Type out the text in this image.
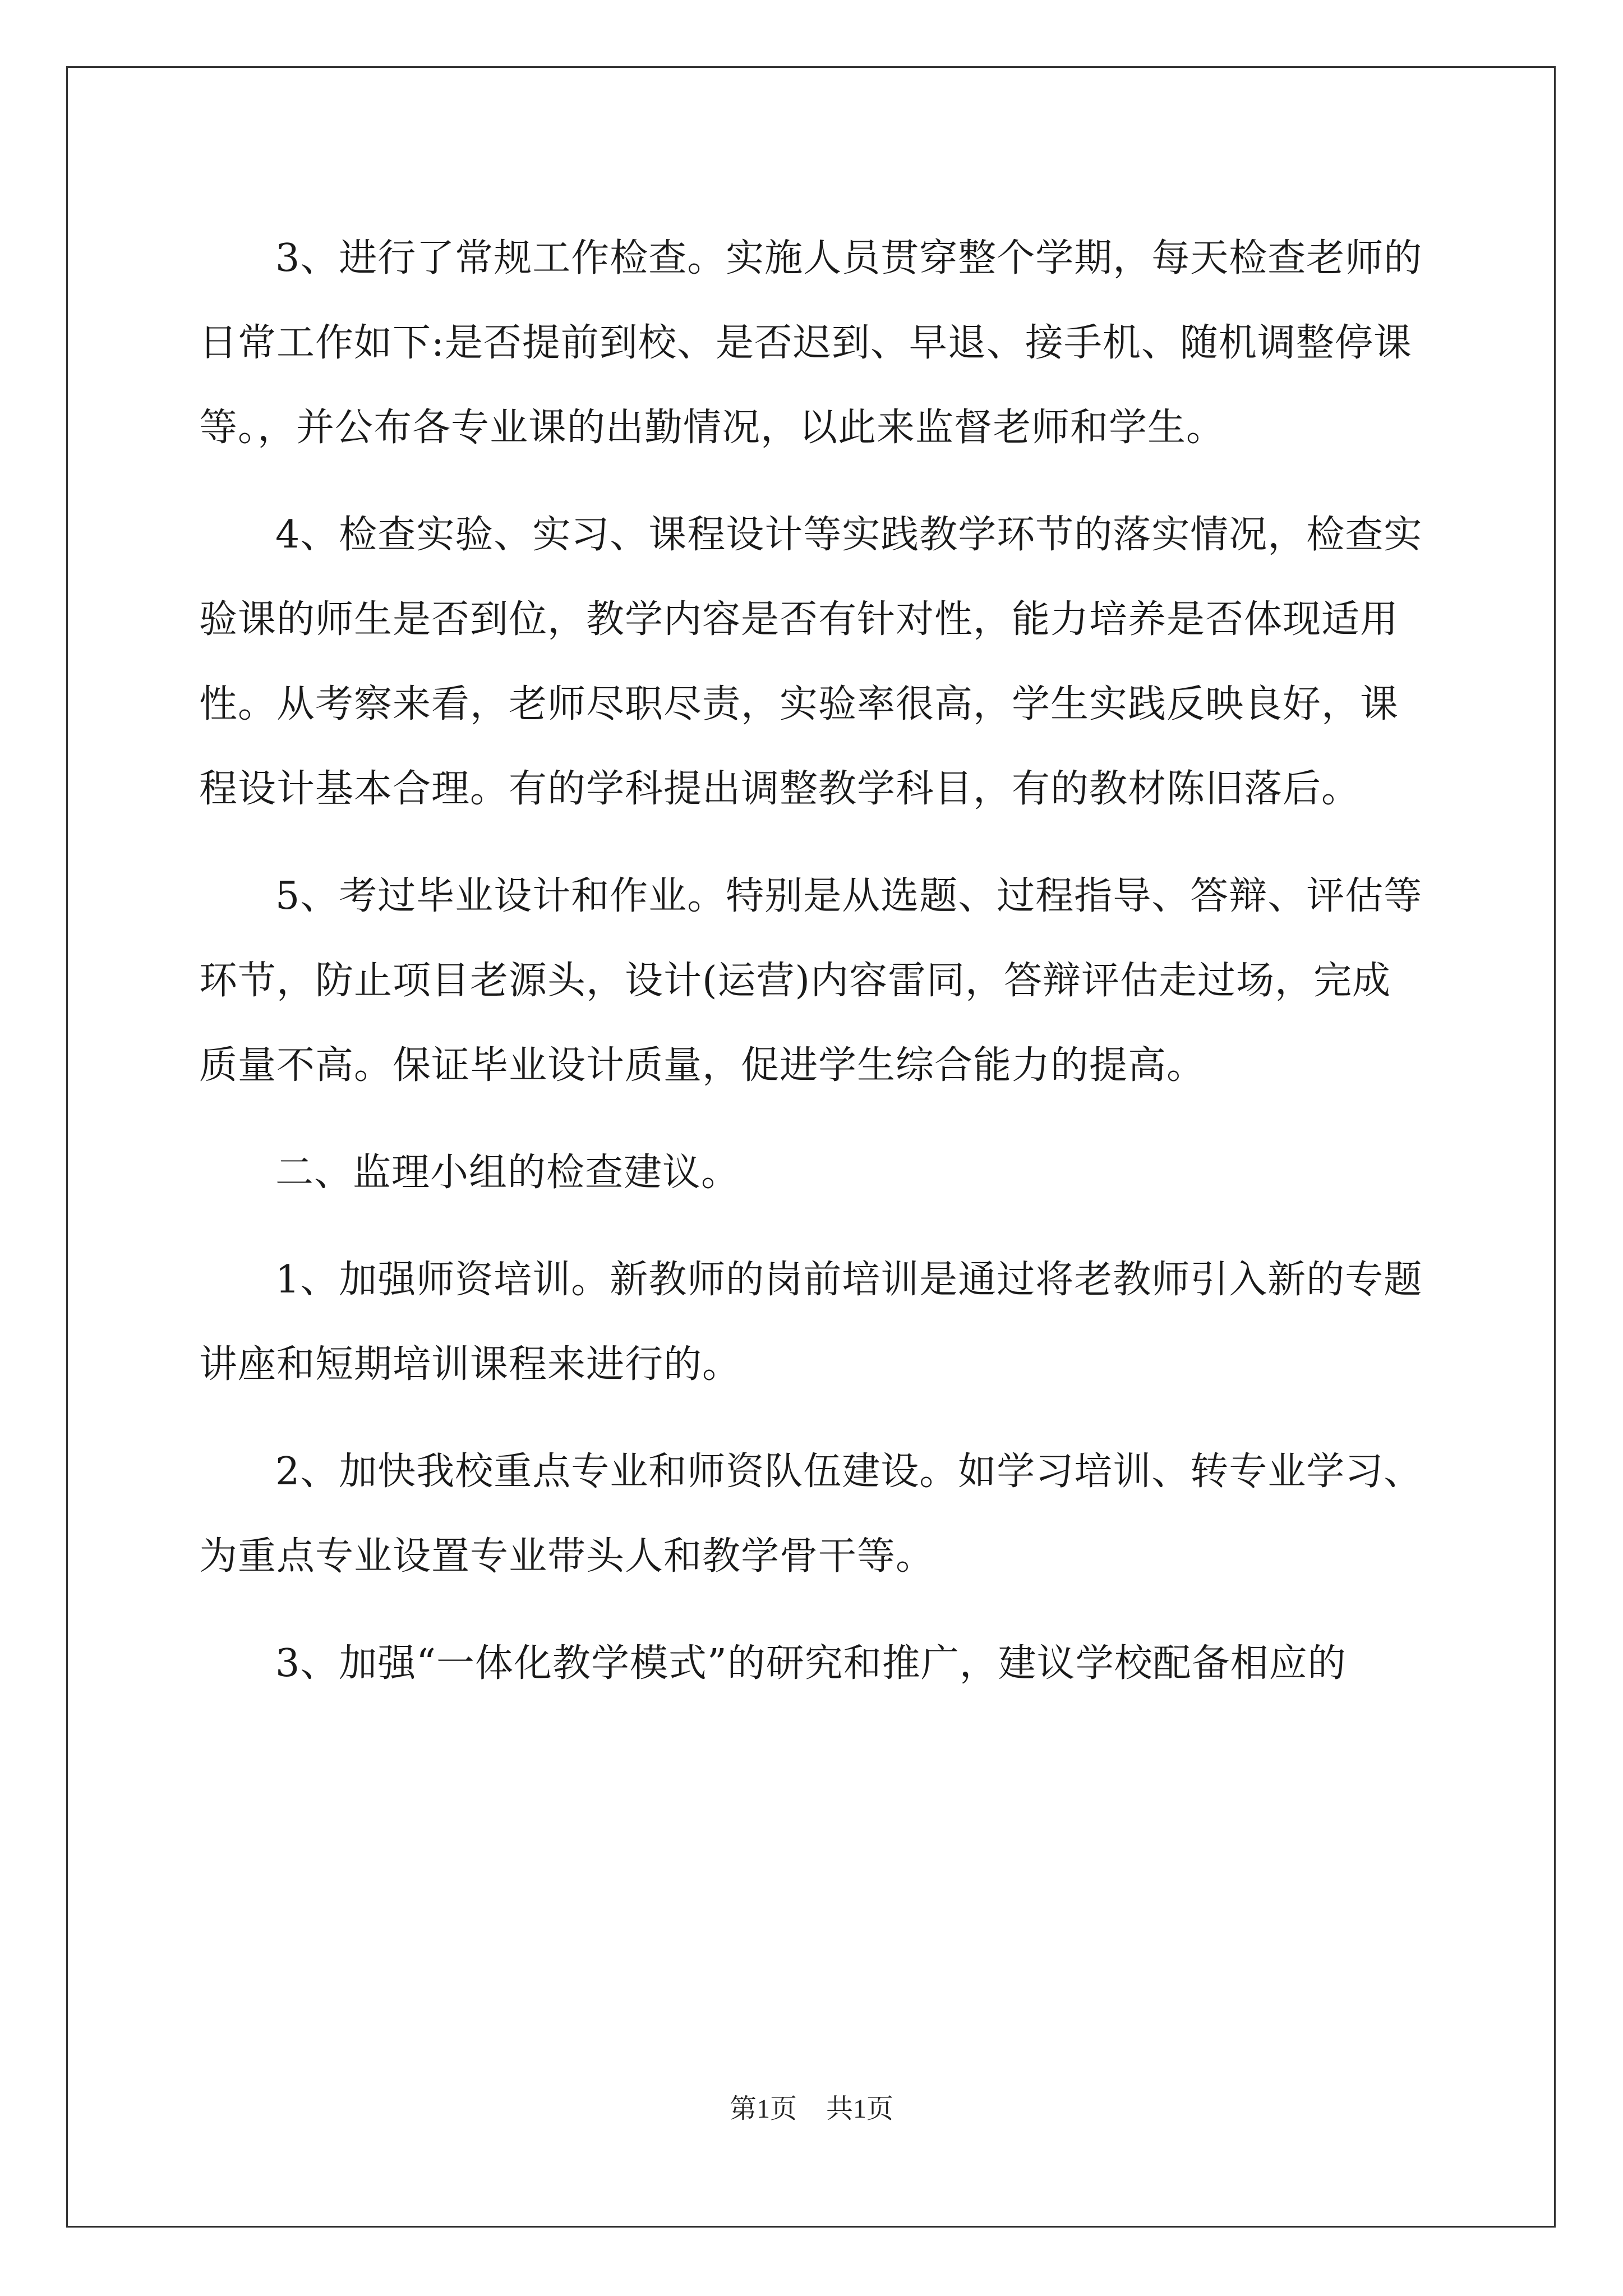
3、进行了常规工作检查。实施人员贯穿整个学期，每天检查老师的日常工作如下:是否提前到校、是否迟到、早退、接手机、随机调整停课等。，并公布各专业课的出勤情况，以此来监督老师和学生。

4、检查实验、实习、课程设计等实践教学环节的落实情况，检查实验课的师生是否到位，教学内容是否有针对性，能力培养是否体现适用性。从考察来看，老师尽职尽责，实验率很高，学生实践反映良好，课程设计基本合理。有的学科提出调整教学科目，有的教材陈旧落后。

5、考过毕业设计和作业。特别是从选题、过程指导、答辩、评估等环节，防止项目老源头，设计(运营)内容雷同，答辩评估走过场，完成质量不高。保证毕业设计质量，促进学生综合能力的提高。

二、监理小组的检查建议。

1、加强师资培训。新教师的岗前培训是通过将老教师引入新的专题讲座和短期培训课程来进行的。

2、加快我校重点专业和师资队伍建设。如学习培训、转专业学习、为重点专业设置专业带头人和教学骨干等。

3、加强“一体化教学模式”的研究和推广，建议学校配备相应的

第1页 共1页
